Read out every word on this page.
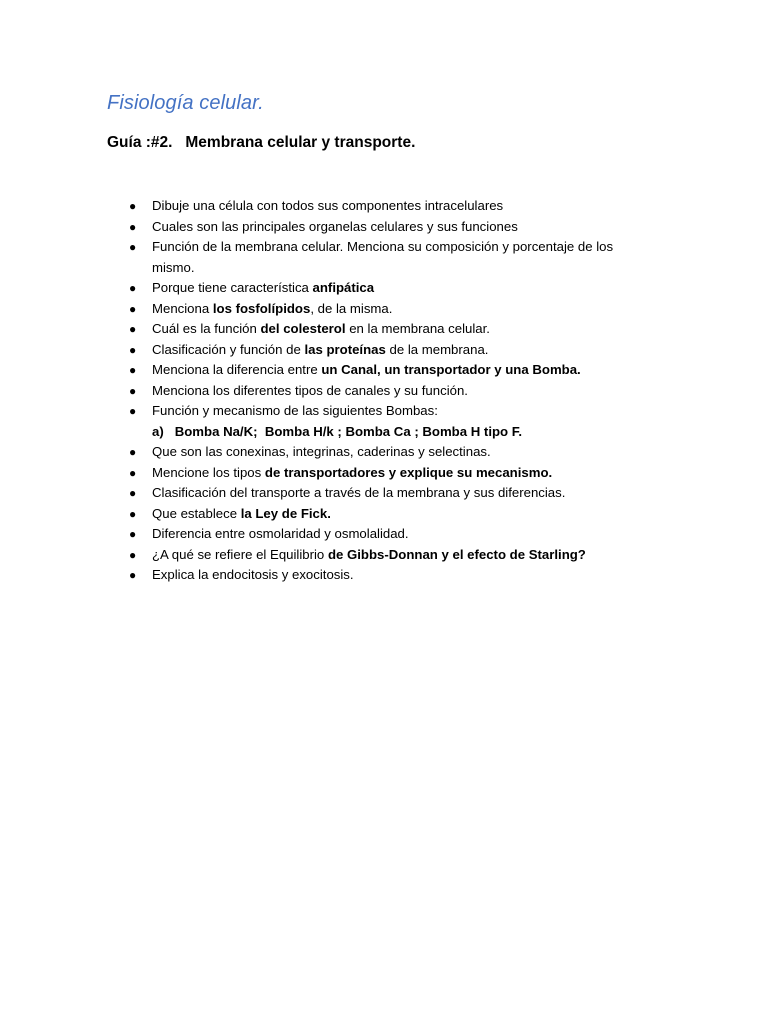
Fisiología celular.
Guía :#2.   Membrana celular y transporte.
● Dibuje una célula con todos sus componentes intracelulares
● Cuales son las principales organelas celulares y sus funciones
● Función de la membrana celular. Menciona su composición y porcentaje de los mismo.
● Porque tiene característica anfipática
● Menciona los fosfolípidos, de la misma.
● Cuál es la función del colesterol en la membrana celular.
● Clasificación y función de las proteínas de la membrana.
● Menciona la diferencia entre un Canal, un transportador y una Bomba.
● Menciona los diferentes tipos de canales y su función.
● Función y mecanismo de las siguientes Bombas:
a)   Bomba Na/K;  Bomba H/k ; Bomba Ca ; Bomba H tipo F.
● Que son las conexinas, integrinas, caderinas y selectinas.
● Mencione los tipos de transportadores y explique su mecanismo.
● Clasificación del transporte a través de la membrana y sus diferencias.
● Que establece la Ley de Fick.
● Diferencia entre osmolaridad y osmolalidad.
● ¿A qué se refiere el Equilibrio de Gibbs-Donnan y el efecto de Starling?
● Explica la endocitosis y exocitosis.
